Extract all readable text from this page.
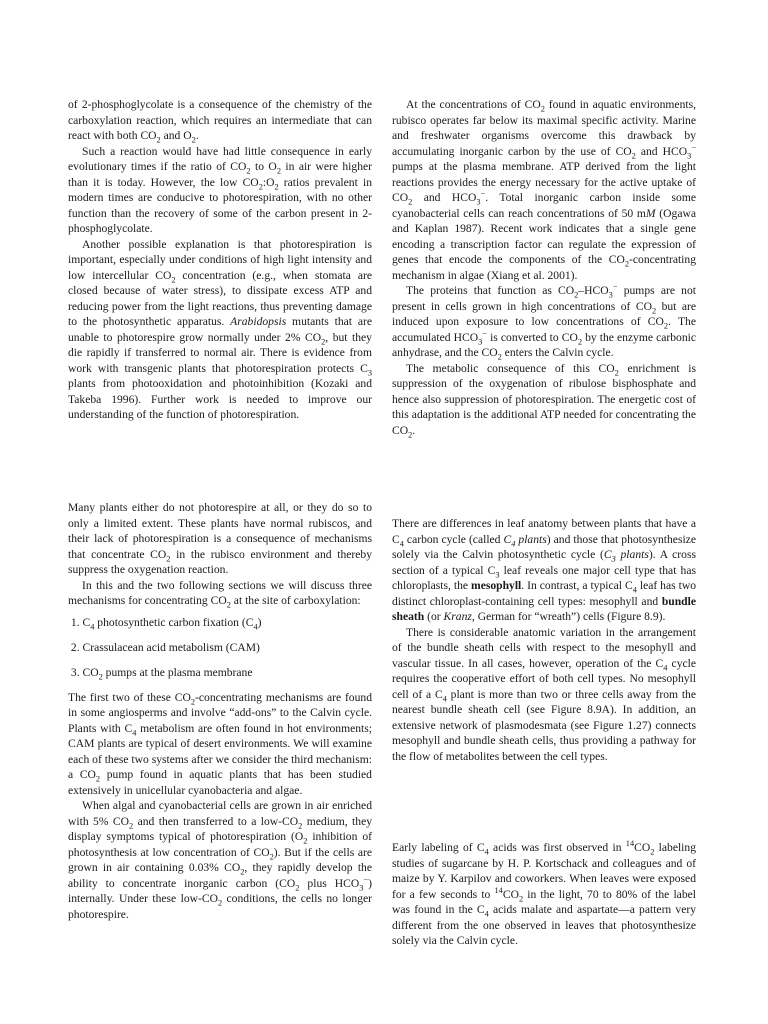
of 2-phosphoglycolate is a consequence of the chemistry of the carboxylation reaction, which requires an intermediate that can react with both $CO_2$ and $O_2$.

Such a reaction would have had little consequence in early evolutionary times if the ratio of $CO_2$ to $O_2$ in air were higher than it is today. However, the low $CO_2:O_2$ ratios prevalent in modern times are conducive to photorespiration, with no other function than the recovery of some of the carbon present in 2-phosphoglycolate.

Another possible explanation is that photorespiration is important, especially under conditions of high light intensity and low intercellular $CO_2$ concentration (e.g., when stomata are closed because of water stress), to dissipate excess ATP and reducing power from the light reactions, thus preventing damage to the photosynthetic apparatus. Arabidopsis mutants that are unable to photorespire grow normally under 2% $CO_2$, but they die rapidly if transferred to normal air. There is evidence from work with transgenic plants that photorespiration protects $C_3$ plants from photooxidation and photoinhibition (Kozaki and Takeba 1996). Further work is needed to improve our understanding of the function of photorespiration.

At the concentrations of $CO_2$ found in aquatic environments, rubisco operates far below its maximal specific activity. Marine and freshwater organisms overcome this drawback by accumulating inorganic carbon by the use of $CO_2$ and $HCO_3^-$ pumps at the plasma membrane. ATP derived from the light reactions provides the energy necessary for the active uptake of $CO_2$ and $HCO_3^-$. Total inorganic carbon inside some cyanobacterial cells can reach concentrations of 50 mM (Ogawa and Kaplan 1987). Recent work indicates that a single gene encoding a transcription factor can regulate the expression of genes that encode the components of the $CO_2$-concentrating mechanism in algae (Xiang et al. 2001).

The proteins that function as $CO_2-HCO_3^-$ pumps are not present in cells grown in high concentrations of $CO_2$ but are induced upon exposure to low concentrations of $CO_2$. The accumulated $HCO_3^-$ is converted to $CO_2$ by the enzyme carbonic anhydrase, and the $CO_2$ enters the Calvin cycle.

The metabolic consequence of this $CO_2$ enrichment is suppression of the oxygenation of ribulose bisphosphate and hence also suppression of photorespiration. The energetic cost of this adaptation is the additional ATP needed for concentrating the $CO_2$.

Many plants either do not photorespire at all, or they do so to only a limited extent. These plants have normal rubiscos, and their lack of photorespiration is a consequence of mechanisms that concentrate $CO_2$ in the rubisco environment and thereby suppress the oxygenation reaction.

In this and the two following sections we will discuss three mechanisms for concentrating $CO_2$ at the site of carboxylation:

1. $C_4$ photosynthetic carbon fixation $(C_4)$
2. Crassulacean acid metabolism (CAM)
3. $CO_2$ pumps at the plasma membrane

The first two of these $CO_2$-concentrating mechanisms are found in some angiosperms and involve “add-ons” to the Calvin cycle. Plants with $C_4$ metabolism are often found in hot environments; CAM plants are typical of desert environments. We will examine each of these two systems after we consider the third mechanism: a $CO_2$ pump found in aquatic plants that has been studied extensively in unicellular cyanobacteria and algae.

When algal and cyanobacterial cells are grown in air enriched with 5% $CO_2$ and then transferred to a low-$CO_2$ medium, they display symptoms typical of photorespiration ($O_2$ inhibition of photosynthesis at low concentration of $CO_2$). But if the cells are grown in air containing 0.03% $CO_2$, they rapidly develop the ability to concentrate inorganic carbon ($CO_2$ plus $HCO_3^-$) internally. Under these low-$CO_2$ conditions, the cells no longer photorespire.

There are differences in leaf anatomy between plants that have a $C_4$ carbon cycle (called $C_4$ plants) and those that photosynthesize solely via the Calvin photosynthetic cycle ($C_3$ plants). A cross section of a typical $C_3$ leaf reveals one major cell type that has chloroplasts, the mesophyll. In contrast, a typical $C_4$ leaf has two distinct chloroplast-containing cell types: mesophyll and bundle sheath (or Kranz, German for “wreath”) cells (Figure 8.9).

There is considerable anatomic variation in the arrangement of the bundle sheath cells with respect to the mesophyll and vascular tissue. In all cases, however, operation of the $C_4$ cycle requires the cooperative effort of both cell types. No mesophyll cell of a $C_4$ plant is more than two or three cells away from the nearest bundle sheath cell (see Figure 8.9A). In addition, an extensive network of plasmodesmata (see Figure 1.27) connects mesophyll and bundle sheath cells, thus providing a pathway for the flow of metabolites between the cell types.

Early labeling of $C_4$ acids was first observed in $^{14}CO_2$ labeling studies of sugarcane by H. P. Kortschack and colleagues and of maize by Y. Karpilov and coworkers. When leaves were exposed for a few seconds to $^{14}CO_2$ in the light, 70 to 80% of the label was found in the $C_4$ acids malate and aspartate—a pattern very different from the one observed in leaves that photosynthesize solely via the Calvin cycle.
